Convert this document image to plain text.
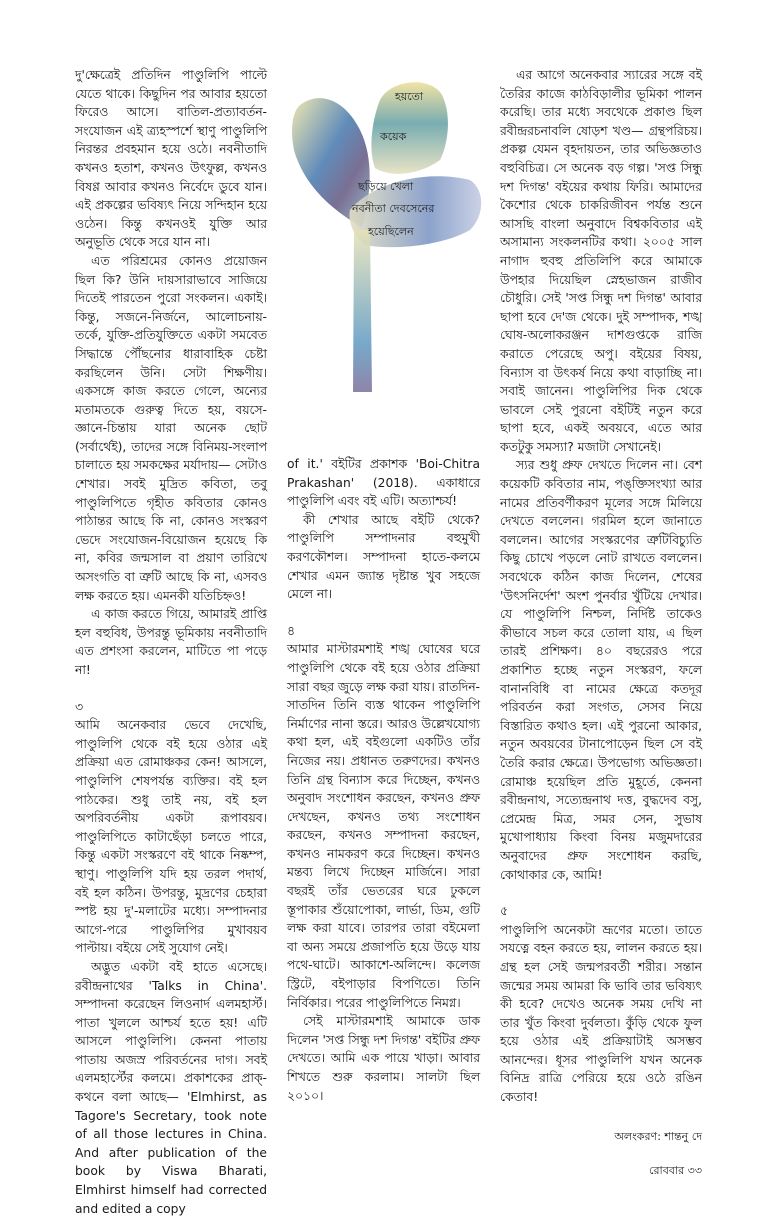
হয়তো
কয়েক
ছড়িয়ে খেলা
নবনীতা দেবসেনের
হয়েছিলেন

দু'ক্ষেত্রেই প্রতিদিন পাণ্ডুলিপি পাল্টে যেতে থাকে। কিছুদিন পর আবার হয়তো ফিরেও আসে। বাতিল-প্রত্যাবর্তন-সংযোজন এই ত্র্যহস্পর্শে স্থাণু পাণ্ডুলিপি নিরন্তর প্রবহমান হয়ে ওঠে। নবনীতাদি কখনও হতাশ, কখনও উৎফুল্ল, কখনও বিষণ্ণ আবার কখনও নির্বেদে ডুবে যান। এই প্রকল্পের ভবিষ্যৎ নিয়ে সন্দিহান হয়ে ওঠেন। কিন্তু কখনওই যুক্তি আর অনুভূতি থেকে সরে যান না।

এত পরিশ্রমের কোনও প্রয়োজন ছিল কি? উনি দায়সারাভাবে সাজিয়ে দিতেই পারতেন পুরো সংকলন। একাই। কিন্তু, সজনে-নির্জনে, আলোচনায়-তর্কে, যুক্তি-প্রতিযুক্তিতে একটা সমবেত সিদ্ধান্তে পৌঁছনোর ধারাবাহিক চেষ্টা করছিলেন উনি। সেটা শিক্ষণীয়। একসঙ্গে কাজ করতে গেলে, অন্যের মতামতকে গুরুত্ব দিতে হয়, বয়সে-জ্ঞানে-চিন্তায় যারা অনেক ছোট (সর্বার্থেই), তাদের সঙ্গে বিনিময়-সংলাপ চালাতে হয় সমকক্ষের মর্যাদায়— সেটাও শেখার। সবই মুদ্রিত কবিতা, তবু পাণ্ডুলিপিতে গৃহীত কবিতার কোনও পাঠান্তর আছে কি না, কোনও সংস্করণ ভেদে সংযোজন-বিয়োজন হয়েছে কি না, কবির জন্মসাল বা প্রয়াণ তারিখে অসংগতি বা ত্রুটি আছে কি না, এসবও লক্ষ করতে হয়। এমনকী যতিচিহ্নও!

এ কাজ করতে গিয়ে, আমারই প্রাপ্তি হল বহুবিধ, উপরন্তু ভূমিকায় নবনীতাদি এত প্রশংসা করলেন, মাটিতে পা পড়ে না!

৩

আমি অনেকবার ভেবে দেখেছি, পাণ্ডুলিপি থেকে বই হয়ে ওঠার এই প্রক্রিয়া এত রোমাঞ্চকর কেন! আসলে, পাণ্ডুলিপি শেষপর্যন্ত ব্যক্তির। বই হল পাঠকের। শুধু তাই নয়, বই হল অপরিবর্তনীয় একটা রূপাবয়ব। পাণ্ডুলিপিতে কাটাছেঁড়া চলতে পারে, কিন্তু একটা সংস্করণে বই থাকে নিষ্কম্প, স্থাণু। পাণ্ডুলিপি যদি হয় তরল পদার্থ, বই হল কঠিন। উপরন্তু, মুদ্রণের চেহারা স্পষ্ট হয় দু'-মলাটের মধ্যে। সম্পাদনার আগে-পরে পাণ্ডুলিপির মুখাবয়ব পাল্টায়। বইয়ে সেই সুযোগ নেই।

অদ্ভুত একটা বই হাতে এসেছে। রবীন্দ্রনাথের 'Talks in China'. সম্পাদনা করেছেন লিওনার্দ এলমহার্স্ট। পাতা খুললে আশ্চর্য হতে হয়! এটি আসলে পাণ্ডুলিপি। কেননা পাতায় পাতায় অজস্র পরিবর্তনের দাগ। সবই এলমহার্স্টের কলমে। প্রকাশকের প্রাক্-কথনে বলা আছে— 'Elmhirst, as Tagore's Secretary, took note of all those lectures in China. And after publication of the book by Viswa Bharati, Elmhirst himself had corrected and edited a copy

of it.' বইটির প্রকাশক 'Boi-Chitra Prakashan' (2018). একাধারে পাণ্ডুলিপি এবং বই এটি। অত্যাশ্চর্য!

কী শেখার আছে বইটি থেকে? পাণ্ডুলিপি সম্পাদনার বহুমুখী করণকৌশল। সম্পাদনা হাতে-কলমে শেখার এমন জ্যান্ত দৃষ্টান্ত খুব সহজে মেলে না।

৪

আমার মাস্টারমশাই শঙ্খ ঘোষের ঘরে পাণ্ডুলিপি থেকে বই হয়ে ওঠার প্রক্রিয়া সারা বছর জুড়ে লক্ষ করা যায়। রাতদিন-সাতদিন তিনি ব্যস্ত থাকেন পাণ্ডুলিপি নির্মাণের নানা স্তরে। আরও উল্লেখযোগ্য কথা হল, এই বইগুলো একটিও তাঁর নিজের নয়। প্রধানত তরুণদের। কখনও তিনি গ্রন্থ বিন্যাস করে দিচ্ছেন, কখনও অনুবাদ সংশোধন করছেন, কখনও প্রুফ দেখছেন, কখনও তথ্য সংশোধন করছেন, কখনও সম্পাদনা করছেন, কখনও নামকরণ করে দিচ্ছেন। কখনও মন্তব্য লিখে দিচ্ছেন মার্জিনে। সারা বছরই তাঁর ভেতরের ঘরে ঢুকলে স্তূপাকার শুঁয়োপোকা, লার্ভা, ডিম, গুটি লক্ষ করা যাবে। তারপর তারা বইমেলা বা অন্য সময়ে প্রজাপতি হয়ে উড়ে যায় পথে-ঘাটে। আকাশে-অলিন্দে। কলেজ স্ট্রিটে, বইপাড়ার বিপণিতে। তিনি নির্বিকার। পরের পাণ্ডুলিপিতে নিমগ্ন।

সেই মাস্টারমশাই আমাকে ডাক দিলেন 'সপ্ত সিন্ধু দশ দিগন্ত' বইটির প্রুফ দেখতে। আমি এক পায়ে খাড়া। আবার শিখতে শুরু করলাম। সালটা ছিল ২০১০।

এর আগে অনেকবার স্যারের সঙ্গে বই তৈরির কাজে কাঠবিড়ালীর ভূমিকা পালন করেছি। তার মধ্যে সবথেকে প্রকাণ্ড ছিল রবীন্দ্ররচনাবলি ষোড়শ খণ্ড— গ্রন্থপরিচয়। প্রকল্প যেমন বৃহদায়তন, তার অভিজ্ঞতাও বহুবিচিত্র। সে অনেক বড় গল্প। 'সপ্ত সিন্ধু দশ দিগন্ত' বইয়ের কথায় ফিরি। আমাদের কৈশোর থেকে চাকরিজীবন পর্যন্ত শুনে আসছি বাংলা অনুবাদে বিশ্বকবিতার এই অসামান্য সংকলনটির কথা। ২০০৫ সাল নাগাদ হুবহু প্রতিলিপি করে আমাকে উপহার দিয়েছিল স্নেহভাজন রাজীব চৌধুরি। সেই 'সপ্ত সিন্ধু দশ দিগন্ত' আবার ছাপা হবে দে'জ থেকে। দুই সম্পাদক, শঙ্খ ঘোষ-অলোকরঞ্জন দাশগুপ্তকে রাজি করাতে পেরেছে অপু। বইয়ের বিষয়, বিন্যাস বা উৎকর্ষ নিয়ে কথা বাড়াচ্ছি না। সবাই জানেন। পাণ্ডুলিপির দিক থেকে ভাবলে সেই পুরনো বইটিই নতুন করে ছাপা হবে, একই অবয়বে, এতে আর কতটুকু সমস্যা? মজাটা সেখানেই।

স্যর শুধু প্রুফ দেখতে দিলেন না। বেশ কয়েকটি কবিতার নাম, পঙ্‌ক্তিসংখ্যা আর নামের প্রতিবর্ণীকরণ মূলের সঙ্গে মিলিয়ে দেখতে বললেন। গরমিল হলে জানাতে বললেন। আগের সংস্করণের ত্রুটিবিচ্যুতি কিছু চোখে পড়লে নোট রাখতে বললেন। সবথেকে কঠিন কাজ দিলেন, শেষের 'উৎসনির্দেশ' অংশ পুনর্বার খুঁটিয়ে দেখার। যে পাণ্ডুলিপি নিশ্চল, নির্দিষ্ট তাকেও কীভাবে সচল করে তোলা যায়, এ ছিল তারই প্রশিক্ষণ। ৪০ বছরেরও পরে প্রকাশিত হচ্ছে নতুন সংস্করণ, ফলে বানানবিধি বা নামের ক্ষেত্রে কতদূর পরিবর্তন করা সংগত, সেসব নিয়ে বিস্তারিত কথাও হল। এই পুরনো আকার, নতুন অবয়বের টানাপোড়েন ছিল সে বই তৈরি করার ক্ষেত্রে। উপভোগ্য অভিজ্ঞতা। রোমাঞ্চ হয়েছিল প্রতি মুহূর্তে, কেননা রবীন্দ্রনাথ, সত্যেন্দ্রনাথ দত্ত, বুদ্ধদেব বসু, প্রেমেন্দ্র মিত্র, সমর সেন, সুভাষ মুখোপাধ্যায় কিংবা বিনয় মজুমদারের অনুবাদের প্রুফ সংশোধন করছি, কোথাকার কে, আমি!

৫

পাণ্ডুলিপি অনেকটা ভ্রূণের মতো। তাতে সযত্নে বহন করতে হয়, লালন করতে হয়। গ্রন্থ হল সেই জন্মপরবর্তী শরীর। সন্তান জন্মের সময় আমরা কি ভাবি তার ভবিষ্যৎ কী হবে? দেখেও অনেক সময় দেখি না তার খুঁত কিংবা দুর্বলতা। কুঁড়ি থেকে ফুল হয়ে ওঠার এই প্রক্রিয়াটাই অসম্ভব আনন্দের। ধূসর পাণ্ডুলিপি যখন অনেক বিনিদ্র রাত্রি পেরিয়ে হয়ে ওঠে রঙিন কেতাব!

অলংকরণ: শান্তনু দে
রোববার ৩৩
